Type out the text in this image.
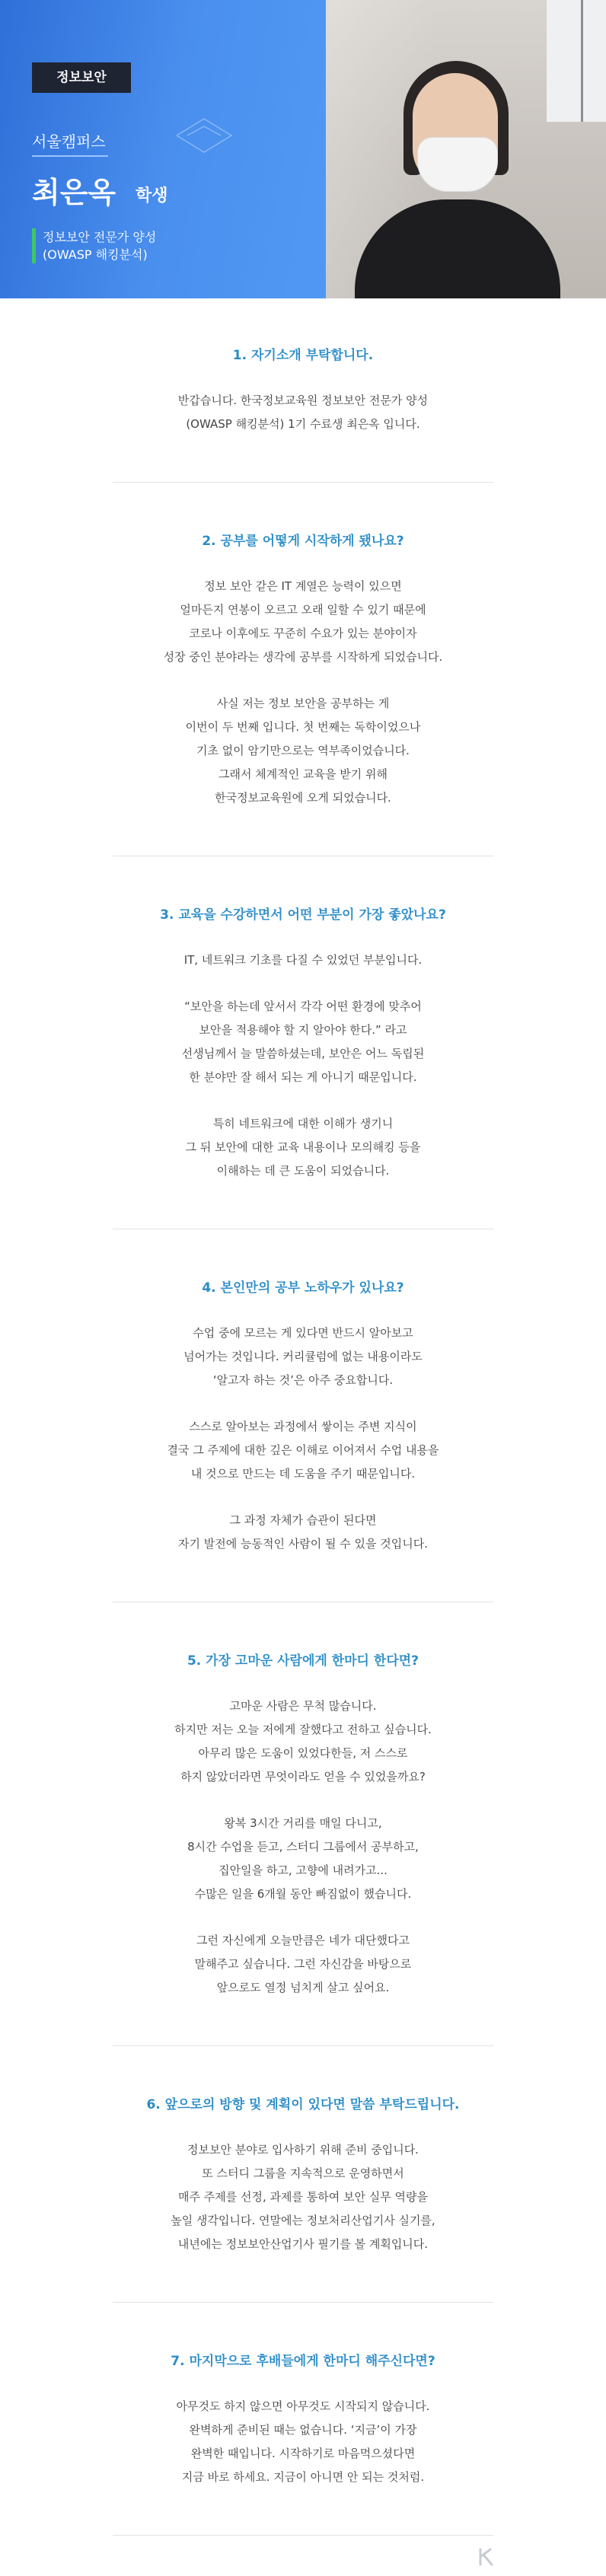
정보보안
서울캠퍼스
최은옥 학생
정보보안 전문가 양성
(OWASP 해킹분석)
1. 자기소개 부탁합니다.
반갑습니다. 한국정보교육원 정보보안 전문가 양성
(OWASP 해킹분석) 1기 수료생 최은옥 입니다.
2. 공부를 어떻게 시작하게 됐나요?
정보 보안 같은 IT 계열은 능력이 있으면
얼마든지 연봉이 오르고 오래 일할 수 있기 때문에
코로나 이후에도 꾸준히 수요가 있는 분야이자
성장 중인 분야라는 생각에 공부를 시작하게 되었습니다.
사실 저는 정보 보안을 공부하는 게
이번이 두 번째 입니다. 첫 번째는 독학이었으나
기초 없이 암기만으로는 역부족이었습니다.
그래서 체계적인 교육을 받기 위해
한국정보교육원에 오게 되었습니다.
3. 교육을 수강하면서 어떤 부분이 가장 좋았나요?
IT, 네트워크 기초를 다질 수 있었던 부분입니다.
“보안을 하는데 앞서서 각각 어떤 환경에 맞추어
보안을 적용해야 할 지 알아야 한다.” 라고
선생님께서 늘 말씀하셨는데, 보안은 어느 독립된
한 분야만 잘 해서 되는 게 아니기 때문입니다.
특히 네트워크에 대한 이해가 생기니
그 뒤 보안에 대한 교육 내용이나 모의해킹 등을
이해하는 데 큰 도움이 되었습니다.
4. 본인만의 공부 노하우가 있나요?
수업 중에 모르는 게 있다면 반드시 알아보고
넘어가는 것입니다. 커리큘럼에 없는 내용이라도
‘알고자 하는 것’은 아주 중요합니다.
스스로 알아보는 과정에서 쌓이는 주변 지식이
결국 그 주제에 대한 깊은 이해로 이어져서 수업 내용을
내 것으로 만드는 데 도움을 주기 때문입니다.
그 과정 자체가 습관이 된다면
자기 발전에 능동적인 사람이 될 수 있을 것입니다.
5. 가장 고마운 사람에게 한마디 한다면?
고마운 사람은 무척 많습니다.
하지만 저는 오늘 저에게 잘했다고 전하고 싶습니다.
아무리 많은 도움이 있었다한들, 저 스스로
하지 않았더라면 무엇이라도 얻을 수 있었을까요?
왕복 3시간 거리를 매일 다니고,
8시간 수업을 듣고, 스터디 그룹에서 공부하고,
집안일을 하고, 고향에 내려가고...
수많은 일을 6개월 동안 빠짐없이 했습니다.
그런 자신에게 오늘만큼은 네가 대단했다고
말해주고 싶습니다. 그런 자신감을 바탕으로
앞으로도 열정 넘치게 살고 싶어요.
6. 앞으로의 방향 및 계획이 있다면 말씀 부탁드립니다.
정보보안 분야로 입사하기 위해 준비 중입니다.
또 스터디 그룹을 지속적으로 운영하면서
매주 주제를 선정, 과제를 통하여 보안 실무 역량을
높일 생각입니다. 연말에는 정보처리산업기사 실기를,
내년에는 정보보안산업기사 필기를 볼 계획입니다.
7. 마지막으로 후배들에게 한마디 해주신다면?
아무것도 하지 않으면 아무것도 시작되지 않습니다.
완벽하게 준비된 때는 없습니다. ‘지금’이 가장
완벽한 때입니다. 시작하기로 마음먹으셨다면
지금 바로 하세요. 지금이 아니면 안 되는 것처럼.
